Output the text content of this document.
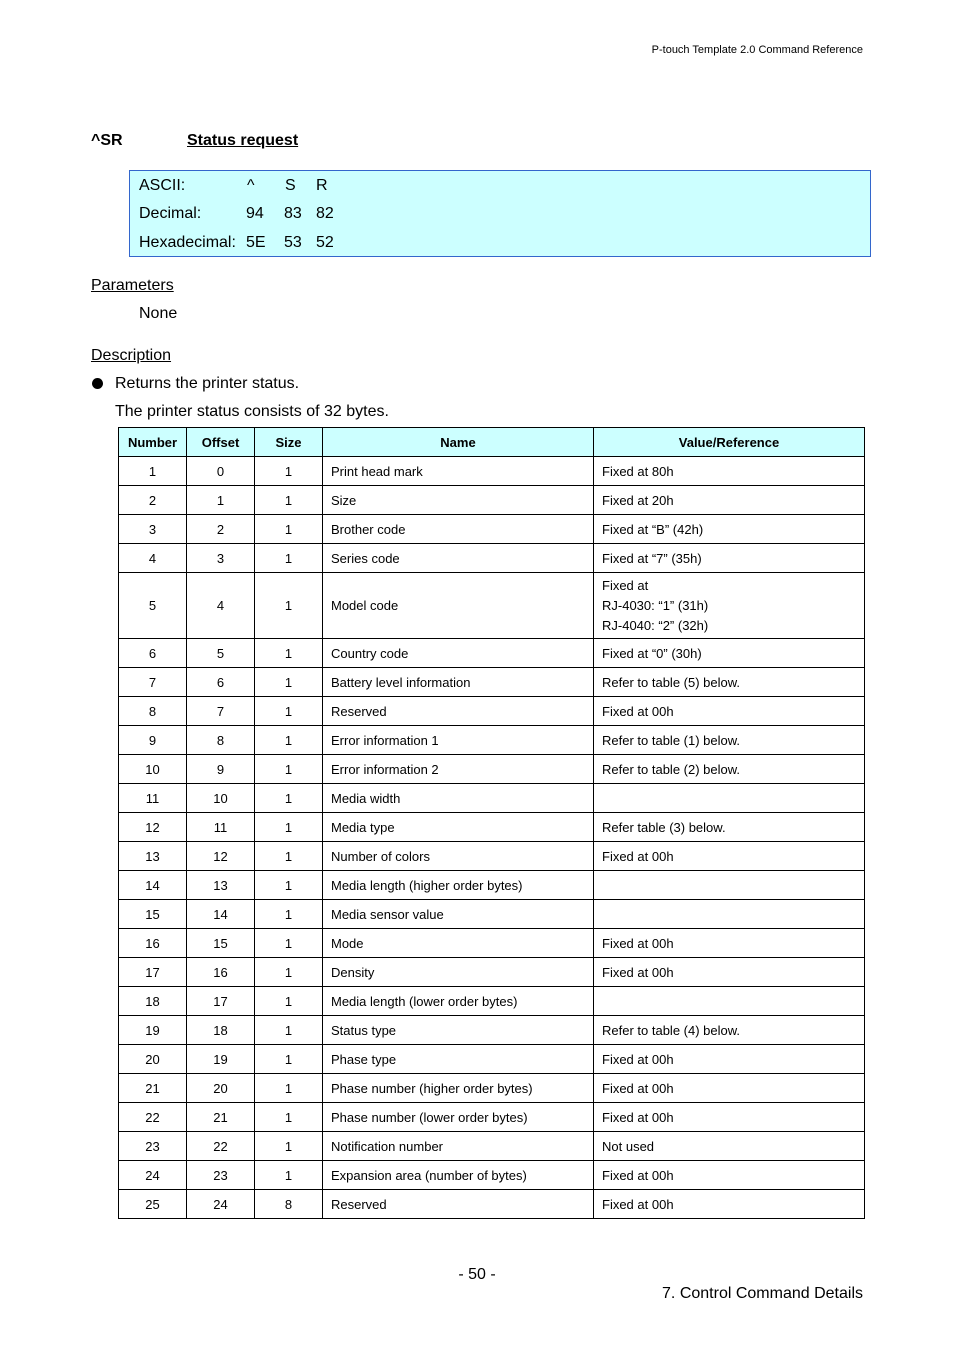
P-touch Template 2.0 Command Reference
^SR	Status request
ASCII:	^	S	R
Decimal:	94	83 82
Hexadecimal: 5E	53 52
Parameters
None
Description
Returns the printer status.
The printer status consists of 32 bytes.
Number	Offset	Size	Name	Value/Reference
1	0	1	Print head mark	Fixed at 80h

2	1	1	Size	Fixed at 20h

3	2	1	Brother code	Fixed at “B” (42h)

4	3	1	Series code	Fixed at “7” (35h)

5	4	1	Model code	Fixed at
RJ-4030: “1” (31h)
RJ-4040: “2” (32h)

6	5	1	Country code	Fixed at “0” (30h)

7	6	1	Battery level information	Refer to table (5) below.

8	7	1	Reserved	Fixed at 00h

9	8	1	Error information 1	Refer to table (1) below.

10	9	1	Error information 2	Refer to table (2) below.

11	10	1	Media width	

12	11	1	Media type	Refer table (3) below.

13	12	1	Number of colors	Fixed at 00h

14	13	1	Media length (higher order bytes)	

15	14	1	Media sensor value	

16	15	1	Mode	Fixed at 00h

17	16	1	Density	Fixed at 00h

18	17	1	Media length (lower order bytes)	

19	18	1	Status type	Refer to table (4) below.

20	19	1	Phase type	Fixed at 00h

21	20	1	Phase number (higher order bytes)	Fixed at 00h

22	21	1	Phase number (lower order bytes)	Fixed at 00h

23	22	1	Notification number	Not used

24	23	1	Expansion area (number of bytes)	Fixed at 00h

25	24	8	Reserved	Fixed at 00h
- 50 -
7. Control Command Details
